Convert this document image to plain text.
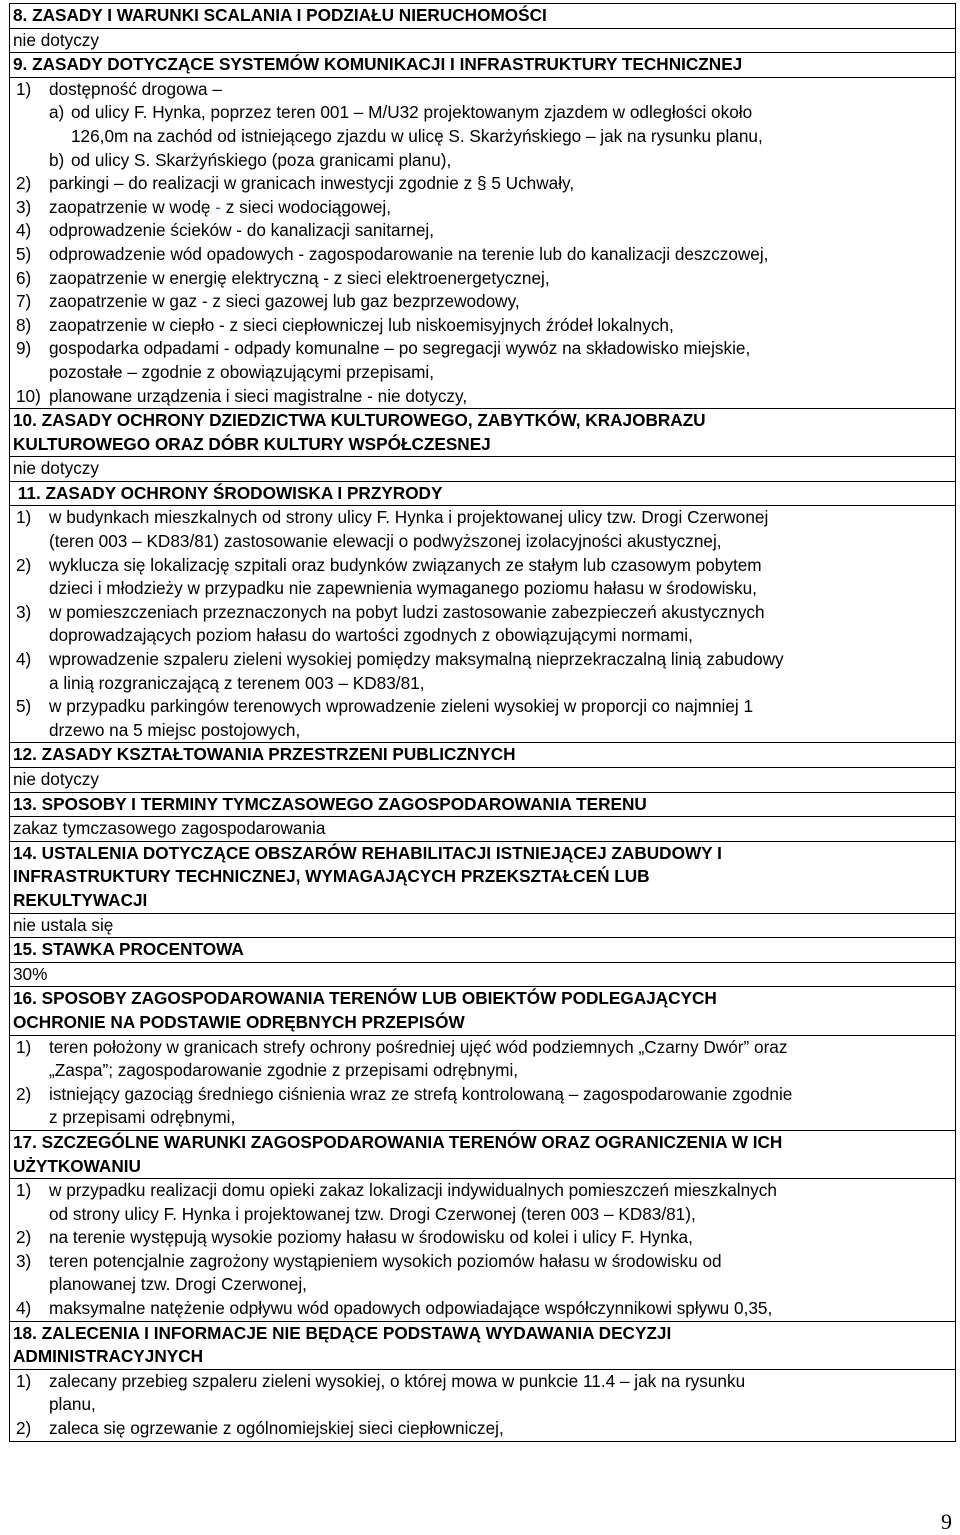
8. ZASADY I WARUNKI SCALANIA I PODZIAŁU NIERUCHOMOŚCI
nie dotyczy
9. ZASADY DOTYCZĄCE SYSTEMÓW KOMUNIKACJI I INFRASTRUKTURY TECHNICZNEJ
1) dostępność drogowa –
a) od ulicy F. Hynka, poprzez teren 001 – M/U32 projektowanym zjazdem w odległości około
126,0m na zachód od istniejącego zjazdu w ulicę S. Skarżyńskiego – jak na rysunku planu,
b) od ulicy S. Skarżyńskiego (poza granicami planu),
2) parkingi – do realizacji w granicach inwestycji zgodnie z § 5 Uchwały,
3) zaopatrzenie w wodę - z sieci wodociągowej,
4) odprowadzenie ścieków - do kanalizacji sanitarnej,
5) odprowadzenie wód opadowych - zagospodarowanie na terenie lub do kanalizacji deszczowej,
6) zaopatrzenie w energię elektryczną - z sieci elektroenergetycznej,
7) zaopatrzenie w gaz - z sieci gazowej lub gaz bezprzewodowy,
8) zaopatrzenie w ciepło - z sieci ciepłowniczej lub niskoemisyjnych źródeł lokalnych,
9) gospodarka odpadami - odpady komunalne – po segregacji wywóz na składowisko miejskie,
pozostałe – zgodnie z obowiązującymi przepisami,
10) planowane urządzenia i sieci magistralne - nie dotyczy,
10. ZASADY OCHRONY DZIEDZICTWA KULTUROWEGO, ZABYTKÓW, KRAJOBRAZU
KULTUROWEGO ORAZ DÓBR KULTURY WSPÓŁCZESNEJ
nie dotyczy
11. ZASADY OCHRONY ŚRODOWISKA I PRZYRODY
1) w budynkach mieszkalnych od strony ulicy F. Hynka i projektowanej ulicy tzw. Drogi Czerwonej
(teren 003 – KD83/81) zastosowanie elewacji o podwyższonej izolacyjności akustycznej,
2) wyklucza się lokalizację szpitali oraz budynków związanych ze stałym lub czasowym pobytem
dzieci i młodzieży w przypadku nie zapewnienia wymaganego poziomu hałasu w środowisku,
3) w pomieszczeniach przeznaczonych na pobyt ludzi zastosowanie zabezpieczeń akustycznych
doprowadzających poziom hałasu do wartości zgodnych z obowiązującymi normami,
4) wprowadzenie szpaleru zieleni wysokiej pomiędzy maksymalną nieprzekraczalną linią zabudowy
a linią rozgraniczającą z terenem 003 – KD83/81,
5) w przypadku parkingów terenowych wprowadzenie zieleni wysokiej w proporcji co najmniej 1
drzewo na 5 miejsc postojowych,
12. ZASADY KSZTAŁTOWANIA PRZESTRZENI PUBLICZNYCH
nie dotyczy
13. SPOSOBY I TERMINY TYMCZASOWEGO ZAGOSPODAROWANIA TERENU
zakaz tymczasowego zagospodarowania
14. USTALENIA DOTYCZĄCE OBSZARÓW REHABILITACJI ISTNIEJĄCEJ ZABUDOWY I
INFRASTRUKTURY TECHNICZNEJ, WYMAGAJĄCYCH PRZEKSZTAŁCEŃ LUB
REKULTYWACJI
nie ustala się
15. STAWKA PROCENTOWA
30%
16. SPOSOBY ZAGOSPODAROWANIA TERENÓW LUB OBIEKTÓW PODLEGAJĄCYCH
OCHRONIE NA PODSTAWIE ODRĘBNYCH PRZEPISÓW
1) teren położony w granicach strefy ochrony pośredniej ujęć wód podziemnych „Czarny Dwór” oraz
„Zaspa”; zagospodarowanie zgodnie z przepisami odrębnymi,
2) istniejący gazociąg średniego ciśnienia wraz ze strefą kontrolowaną – zagospodarowanie zgodnie
z przepisami odrębnymi,
17. SZCZEGÓLNE WARUNKI ZAGOSPODAROWANIA TERENÓW ORAZ OGRANICZENIA W ICH
UŻYTKOWANIU
1) w przypadku realizacji domu opieki zakaz lokalizacji indywidualnych pomieszczeń mieszkalnych
od strony ulicy F. Hynka i projektowanej tzw. Drogi Czerwonej (teren 003 – KD83/81),
2) na terenie występują wysokie poziomy hałasu w środowisku od kolei i ulicy F. Hynka,
3) teren potencjalnie zagrożony wystąpieniem wysokich poziomów hałasu w środowisku od
planowanej tzw. Drogi Czerwonej,
4) maksymalne natężenie odpływu wód opadowych odpowiadające współczynnikowi spływu 0,35,
18. ZALECENIA I INFORMACJE NIE BĘDĄCE PODSTAWĄ WYDAWANIA DECYZJI
ADMINISTRACYJNYCH
1) zalecany przebieg szpaleru zieleni wysokiej, o której mowa w punkcie 11.4 – jak na rysunku
planu,
2) zaleca się ogrzewanie z ogólnomiejskiej sieci ciepłowniczej,
9
